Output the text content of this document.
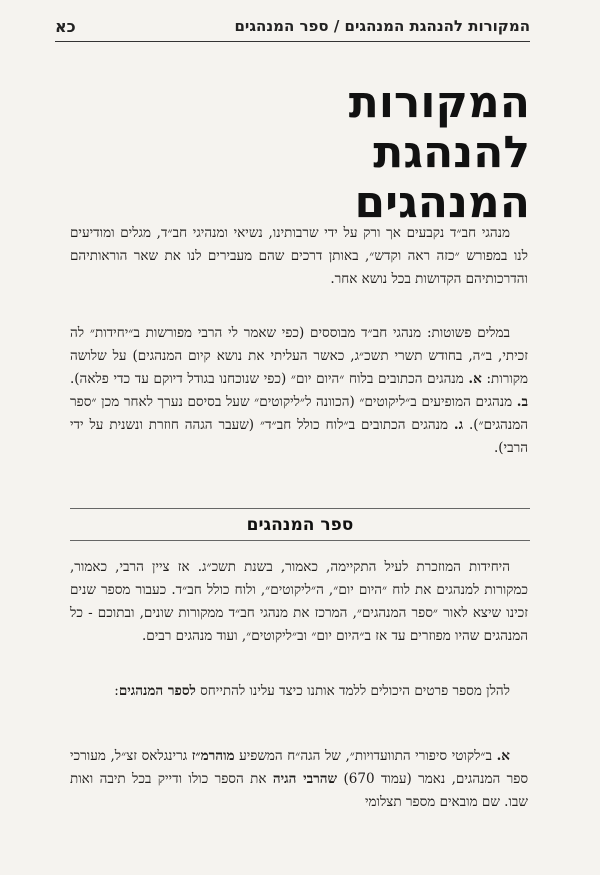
המקורות להנהגת המנהגים / ספר המנהגים
כא
המקורות
להנהגת
המנהגים

מנהגי חב״ד נקבעים אך ורק על ידי שרבותינו, נשיאי ומנהיגי חב״ד, מגלים ומודיעים לנו במפורש ״כזה ראה וקדש״, באותן דרכים שהם מעבירים לנו את שאר הוראותיהם והדרכותיהם הקדושות בכל נושא אחר.

במלים פשוטות: מנהגי חב״ד מבוססים (כפי שאמר לי הרבי מפורשות ב״יחידות״ לה זכיתי, ב״ה, בחודש תשרי תשכ״ג, כאשר העליתי את נושא קיום המנהגים) על שלושה מקורות: א. מנהגים הכתובים בלוח ״היום יום״ (כפי שנוכחנו בגודל דיוקם עד כדי פלאה). ב. מנהגים המופיעים ב״ליקוטים״ (הכוונה ל״ליקוטים״ שעל בסיסם נערך לאחר מכן ״ספר המנהגים״). ג. מנהגים הכתובים ב״לוח כולל חב״ד״ (שעבר הגהה חוזרת ונשנית על ידי הרבי).

ספר המנהגים

היחידות המוזכרת לעיל התקיימה, כאמור, בשנת תשכ״ג. אז ציין הרבי, כאמור, כמקורות למנהגים את לוח ״היום יום״, ה״ליקוטים״, ולוח כולל חב״ד. כעבור מספר שנים זכינו שיצא לאור ״ספר המנהגים״, המרכז את מנהגי חב״ד ממקורות שונים, ובתוכם - כל המנהגים שהיו מפוזרים עד אז ב״היום יום״ וב״ליקוטים״, ועוד מנהגים רבים.

להלן מספר פרטים היכולים ללמד אותנו כיצד עלינו להתייחס לספר המנהגים:

א. ב״לקוטי סיפורי התוועדויות״, של הגה״ח המשפיע מוהרמ״ז גרינגלאס זצ״ל, מעורכי ספר המנהגים, נאמר (עמוד 670) שהרבי הגיה את הספר כולו ודייק בכל תיבה ואות שבו. שם מובאים מספר תצלומי
